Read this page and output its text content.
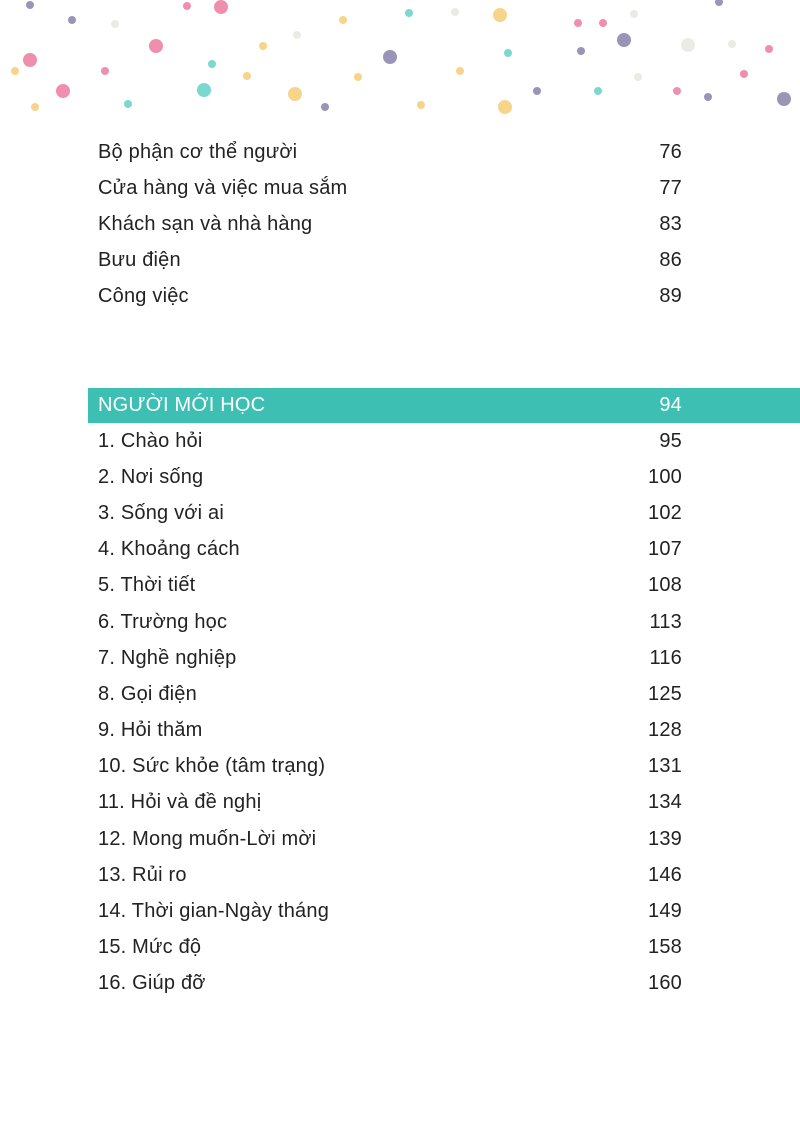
Bộ phận cơ thể người	76
Cửa hàng và việc mua sắm	77
Khách sạn và nhà hàng	83
Bưu điện	86
Công việc	89
NGƯỜI MỚI HỌC	94
1. Chào hỏi	95
2. Nơi sống	100
3. Sống với ai	102
4. Khoảng cách	107
5. Thời tiết	108
6. Trường học	113
7. Nghề nghiệp	116
8. Gọi điện	125
9. Hỏi thăm	128
10. Sức khỏe (tâm trạng)	131
11. Hỏi và đề nghị	134
12. Mong muốn-Lời mời	139
13. Rủi ro	146
14. Thời gian-Ngày tháng	149
15. Mức độ	158
16. Giúp đỡ	160
